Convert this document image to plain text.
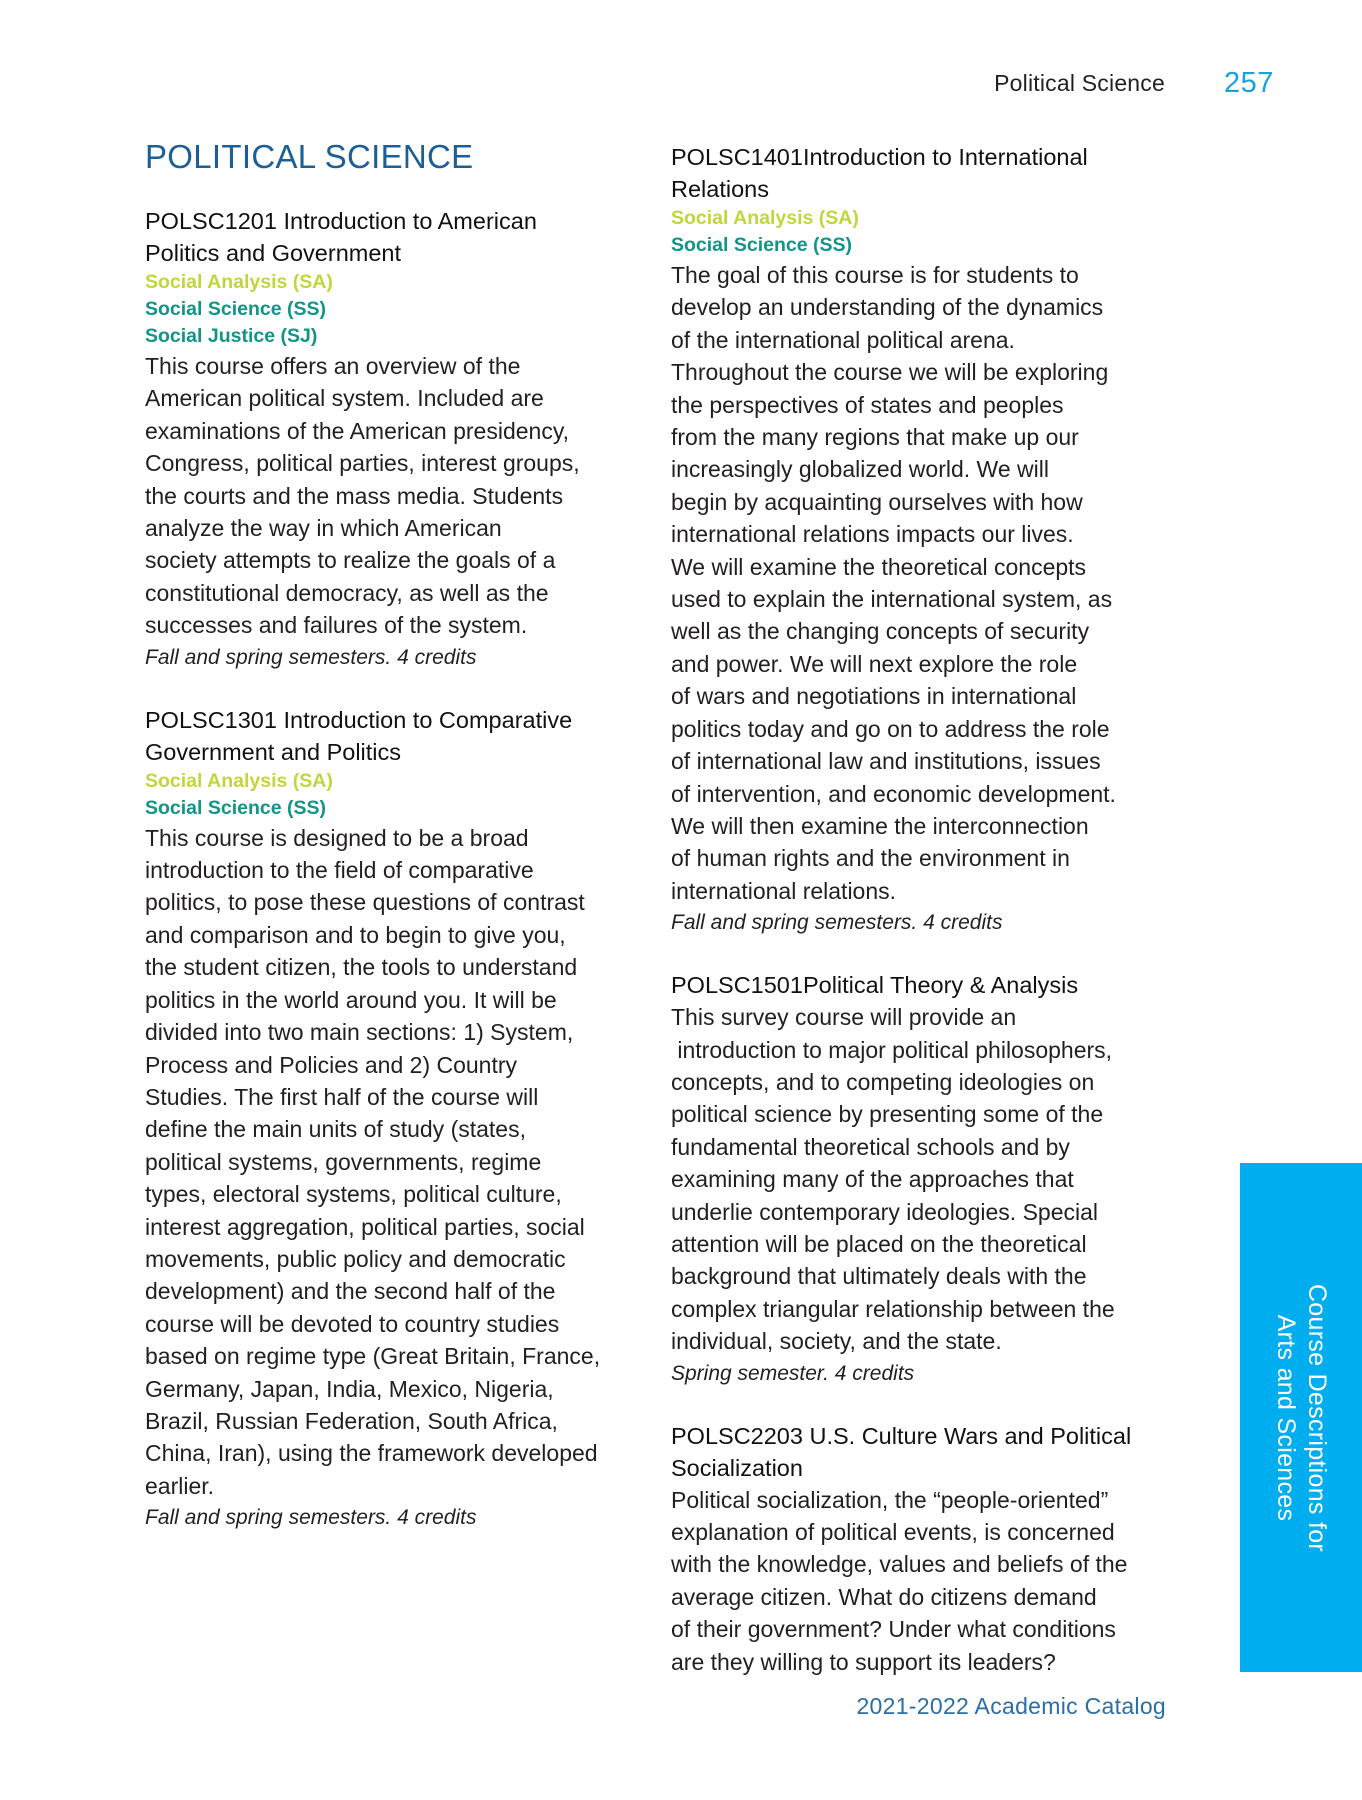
Political Science 257
POLITICAL SCIENCE

POLSC1201 Introduction to American
Politics and Government

Social Analysis (SA)

Social Science (SS)

Social Justice (SJ)

This course offers an overview of the
American political system. Included are
examinations of the American presidency,
Congress, political parties, interest groups,
the courts and the mass media. Students
analyze the way in which American
society attempts to realize the goals of a
constitutional democracy, as well as the
successes and failures of the system.

Fall and spring semesters. 4 credits

POLSC1301 Introduction to Comparative
Government and Politics

Social Analysis (SA)

Social Science (SS)

This course is designed to be a broad
introduction to the field of comparative
politics, to pose these questions of contrast
and comparison and to begin to give you,
the student citizen, the tools to understand
politics in the world around you. It will be
divided into two main sections: 1) System,
Process and Policies and 2) Country
Studies. The first half of the course will
define the main units of study (states,
political systems, governments, regime
types, electoral systems, political culture,
interest aggregation, political parties, social
movements, public policy and democratic
development) and the second half of the
course will be devoted to country studies
based on regime type (Great Britain, France,
Germany, Japan, India, Mexico, Nigeria,
Brazil, Russian Federation, South Africa,
China, Iran), using the framework developed
earlier.

Fall and spring semesters. 4 credits

POLSC1401Introduction to International
Relations

Social Analysis (SA)

Social Science (SS)

The goal of this course is for students to
develop an understanding of the dynamics
of the international political arena.
Throughout the course we will be exploring
the perspectives of states and peoples
from the many regions that make up our
increasingly globalized world. We will
begin by acquainting ourselves with how
international relations impacts our lives.
We will examine the theoretical concepts
used to explain the international system, as
well as the changing concepts of security
and power. We will next explore the role
of wars and negotiations in international
politics today and go on to address the role
of international law and institutions, issues
of intervention, and economic development.
We will then examine the interconnection
of human rights and the environment in
international relations.

Fall and spring semesters. 4 credits

POLSC1501Political Theory & Analysis

This survey course will provide an
introduction to major political philosophers,
concepts, and to competing ideologies on
political science by presenting some of the
fundamental theoretical schools and by
examining many of the approaches that
underlie contemporary ideologies. Special
attention will be placed on the theoretical
background that ultimately deals with the
complex triangular relationship between the
individual, society, and the state.

Spring semester. 4 credits

POLSC2203 U.S. Culture Wars and Political
Socialization

Political socialization, the “people-oriented”
explanation of political events, is concerned
with the knowledge, values and beliefs of the
average citizen. What do citizens demand
of their government? Under what conditions
are they willing to support its leaders?

Course Descriptions for
Arts and Sciences
2021-2022 Academic Catalog
